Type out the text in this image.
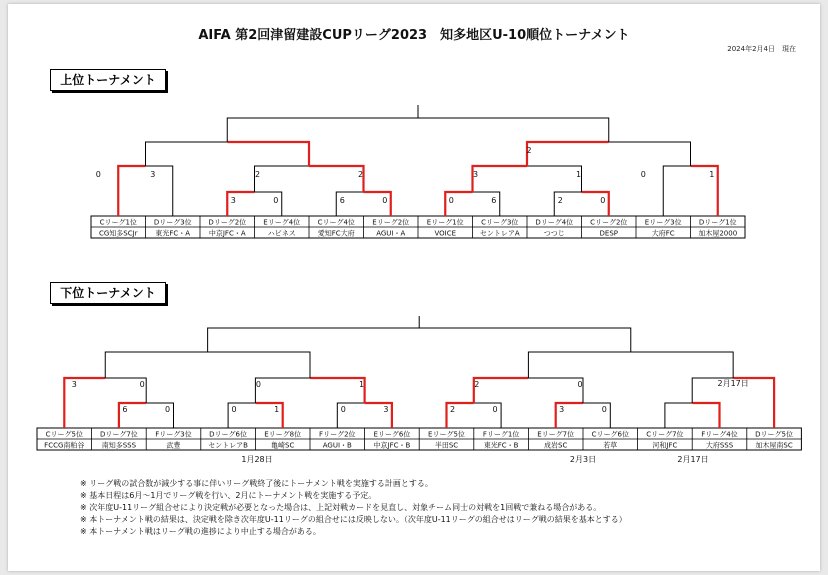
AIFA 第2回津留建設CUPリーグ2023　知多地区U-10順位トーナメント
2024年2月4日　現在
上位トーナメント
下位トーナメント
Cリーグ1位
CG知多SCJr
Dリーグ3位
東光FC・A
Dリーグ2位
中京JFC・A
Eリーグ4位
ハビネス
Cリーグ4位
愛知FC大府
Eリーグ2位
AGUI・A
Eリーグ1位
VOICE
Cリーグ3位
セントレアA
Dリーグ4位
つつじ
Cリーグ2位
DESP
Eリーグ3位
大府FC
Dリーグ1位
加木屋2000
3	0	6	0	0	6	2	0
0	3	2	2	3	1	0	1
2
Cリーグ5位
FCCG南粕谷
Dリーグ7位
南知多SSS
Fリーグ3位
武豊
Dリーグ6位
セントレアB
Eリーグ8位
亀崎SC
Fリーグ2位
AGUI・B
Eリーグ6位
中京JFC・B
Eリーグ5位
半田SC
Fリーグ1位
東光FC・B
Eリーグ7位
成岩SC
Cリーグ6位
若草
Cリーグ7位
河和JFC
Fリーグ4位
大府SSS
Dリーグ5位
加木屋南SC
6	0	0	1	0	3	2	0	3	0
3	0	0	1	2	0
1月28日	2月3日
2月17日
2月17日
※ リーグ戦の試合数が減少する事に伴いリーグ戦終了後にトーナメント戦を実施する計画とする。
※ 基本日程は6月～1月でリーグ戦を行い、2月にトーナメント戦を実施する予定。
※ 次年度U-11リーグ組合せにより決定戦が必要となった場合は、上記対戦カードを見直し、対象チーム同士の対戦を1回戦で兼ねる場合がある。
※ 本トーナメント戦の結果は、決定戦を除き次年度U-11リーグの組合せには反映しない。（次年度U-11リーグの組合せはリーグ戦の結果を基本とする）
※ 本トーナメント戦はリーグ戦の進捗により中止する場合がある。
